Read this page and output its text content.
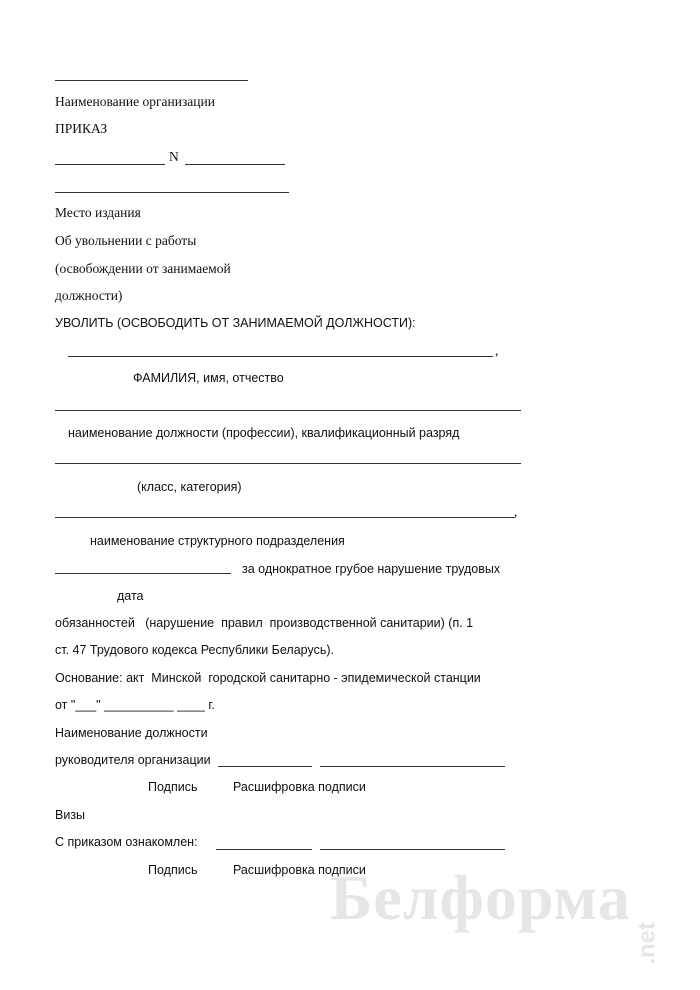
Наименование организации
ПРИКАЗ
N
Место издания
Об увольнении с работы
(освобождении от занимаемой
должности)
УВОЛИТЬ (ОСВОБОДИТЬ ОТ ЗАНИМАЕМОЙ ДОЛЖНОСТИ):
,
ФАМИЛИЯ, имя, отчество
наименование должности (профессии), квалификационный разряд
(класс, категория)
,
наименование структурного подразделения
за однократное грубое нарушение трудовых
дата
обязанностей   (нарушение  правил  производственной санитарии) (п. 1
ст. 47 Трудового кодекса Республики Беларусь).
Основание: акт  Минской  городской санитарно - эпидемической станции
от "___" __________ ____ г.
Наименование должности
руководителя организации
Подпись	Расшифровка подписи
Визы
С приказом ознакомлен:
Подпись	Расшифровка подписи
Белформа
.net
